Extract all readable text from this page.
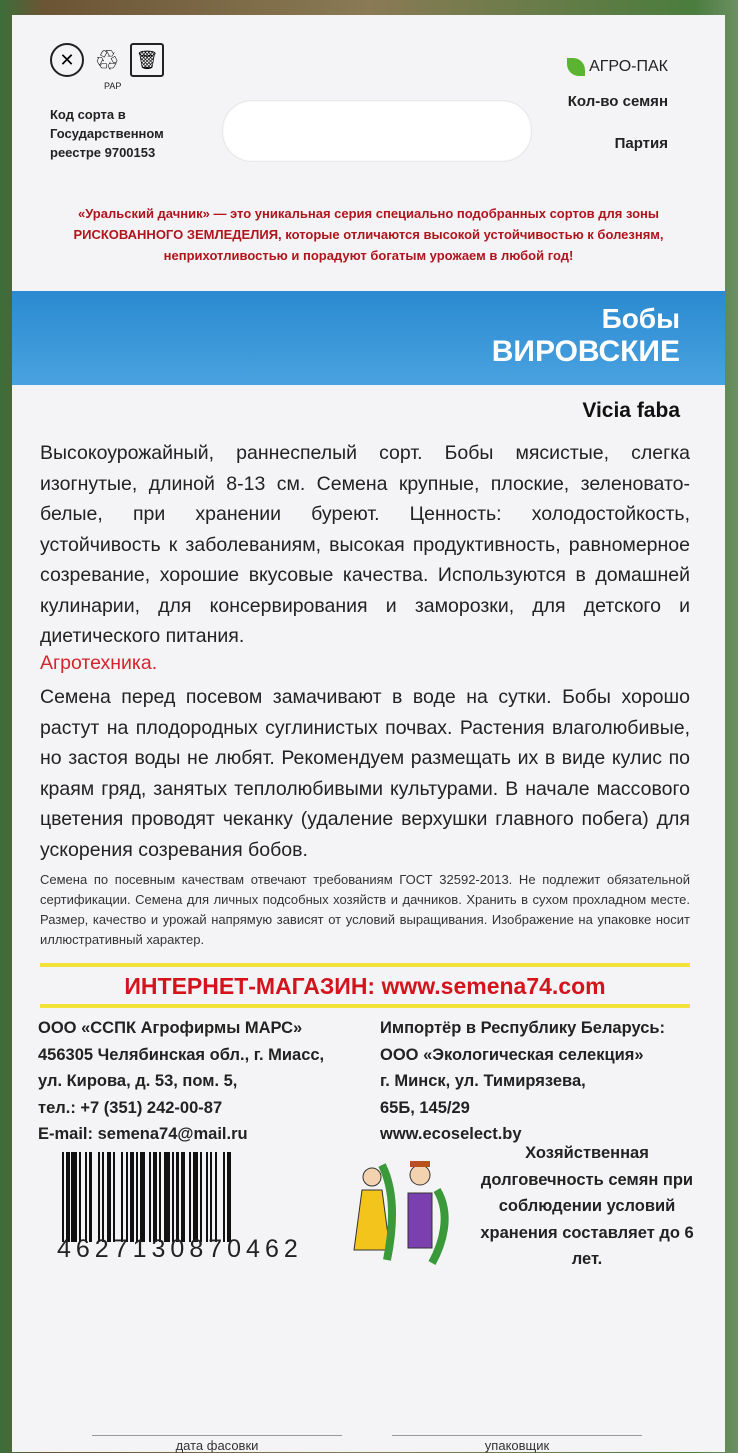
✕ ♲ 🗑
PAP
Код сорта в Государственном реестре 9700153
АГРО-ПАК
Кол-во семян
Партия
«Уральский дачник» — это уникальная серия специально подобранных сортов для зоны РИСКОВАННОГО ЗЕМЛЕДЕЛИЯ, которые отличаются высокой устойчивостью к болезням, неприхотливостью и порадуют богатым урожаем в любой год!
Бобы
ВИРОВСКИЕ
Vicia faba
Высокоурожайный, раннеспелый сорт. Бобы мясистые, слегка изогнутые, длиной 8-13 см. Семена крупные, плоские, зеленовато-белые, при хранении буреют. Ценность: холодостойкость, устойчивость к заболеваниям, высокая продуктивность, равномерное созревание, хорошие вкусовые качества. Используются в домашней кулинарии, для консервирования и заморозки, для детского и диетического питания.
Агротехника.
Семена перед посевом замачивают в воде на сутки. Бобы хорошо растут на плодородных суглинистых почвах. Растения влаголюбивые, но застоя воды не любят. Рекомендуем размещать их в виде кулис по краям гряд, занятых теплолюбивыми культурами. В начале массового цветения проводят чеканку (удаление верхушки главного побега) для ускорения созревания бобов.
Семена по посевным качествам отвечают требованиям ГОСТ 32592-2013. Не подлежит обязательной сертификации. Семена для личных подсобных хозяйств и дачников. Хранить в сухом прохладном месте. Размер, качество и урожай напрямую зависят от условий выращивания. Изображение на упаковке носит иллюстративный характер.
ИНТЕРНЕТ-МАГАЗИН: www.semena74.com
ООО «ССПК Агрофирмы МАРС»
456305 Челябинская обл., г. Миасс,
ул. Кирова, д. 53, пом. 5,
тел.: +7 (351) 242-00-87
E-mail: semena74@mail.ru
Импортёр в Республику Беларусь:
ООО «Экологическая селекция»
г. Минск, ул. Тимирязева,
65Б, 145/29
www.ecoselect.by
4627130870462
Хозяйственная долговечность семян при соблюдении условий хранения составляет до 6 лет.
дата фасовки	упаковщик
